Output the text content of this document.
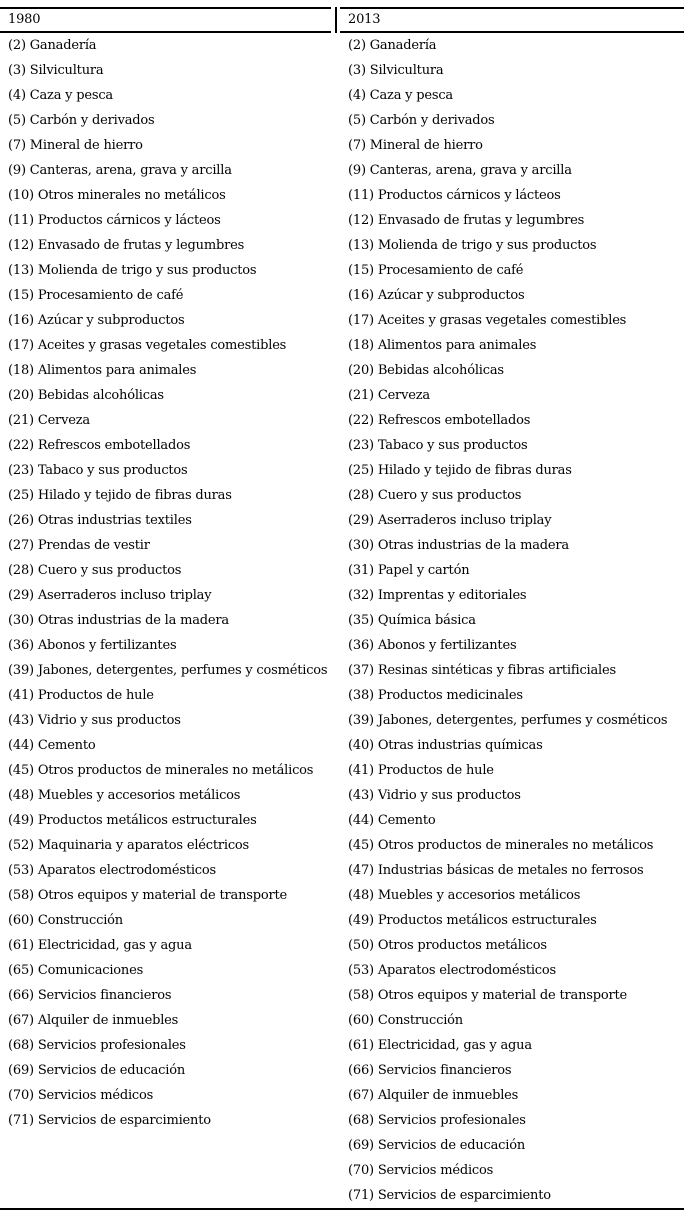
1980	2013
(2) Ganadería
(3) Silvicultura
(4) Caza y pesca
(5) Carbón y derivados
(7) Mineral de hierro
(9) Canteras, arena, grava y arcilla
(10) Otros minerales no metálicos
(11) Productos cárnicos y lácteos
(12) Envasado de frutas y legumbres
(13) Molienda de trigo y sus productos
(15) Procesamiento de café
(16) Azúcar y subproductos
(17) Aceites y grasas vegetales comestibles
(18) Alimentos para animales
(20) Bebidas alcohólicas
(21) Cerveza
(22) Refrescos embotellados
(23) Tabaco y sus productos
(25) Hilado y tejido de fibras duras
(26) Otras industrias textiles
(27) Prendas de vestir
(28) Cuero y sus productos
(29) Aserraderos incluso triplay
(30) Otras industrias de la madera
(36) Abonos y fertilizantes
(39) Jabones, detergentes, perfumes y cosméticos
(41) Productos de hule
(43) Vidrio y sus productos
(44) Cemento
(45) Otros productos de minerales no metálicos
(48) Muebles y accesorios metálicos
(49) Productos metálicos estructurales
(52) Maquinaria y aparatos eléctricos
(53) Aparatos electrodomésticos
(58) Otros equipos y material de transporte
(60) Construcción
(61) Electricidad, gas y agua
(65) Comunicaciones
(66) Servicios financieros
(67) Alquiler de inmuebles
(68) Servicios profesionales
(69) Servicios de educación
(70) Servicios médicos
(71) Servicios de esparcimiento
(2) Ganadería
(3) Silvicultura
(4) Caza y pesca
(5) Carbón y derivados
(7) Mineral de hierro
(9) Canteras, arena, grava y arcilla
(11) Productos cárnicos y lácteos
(12) Envasado de frutas y legumbres
(13) Molienda de trigo y sus productos
(15) Procesamiento de café
(16) Azúcar y subproductos
(17) Aceites y grasas vegetales comestibles
(18) Alimentos para animales
(20) Bebidas alcohólicas
(21) Cerveza
(22) Refrescos embotellados
(23) Tabaco y sus productos
(25) Hilado y tejido de fibras duras
(28) Cuero y sus productos
(29) Aserraderos incluso triplay
(30) Otras industrias de la madera
(31) Papel y cartón
(32) Imprentas y editoriales
(35) Química básica
(36) Abonos y fertilizantes
(37) Resinas sintéticas y fibras artificiales
(38) Productos medicinales
(39) Jabones, detergentes, perfumes y cosméticos
(40) Otras industrias químicas
(41) Productos de hule
(43) Vidrio y sus productos
(44) Cemento
(45) Otros productos de minerales no metálicos
(47) Industrias básicas de metales no ferrosos
(48) Muebles y accesorios metálicos
(49) Productos metálicos estructurales
(50) Otros productos metálicos
(53) Aparatos electrodomésticos
(58) Otros equipos y material de transporte
(60) Construcción
(61) Electricidad, gas y agua
(66) Servicios financieros
(67) Alquiler de inmuebles
(68) Servicios profesionales
(69) Servicios de educación
(70) Servicios médicos
(71) Servicios de esparcimiento
